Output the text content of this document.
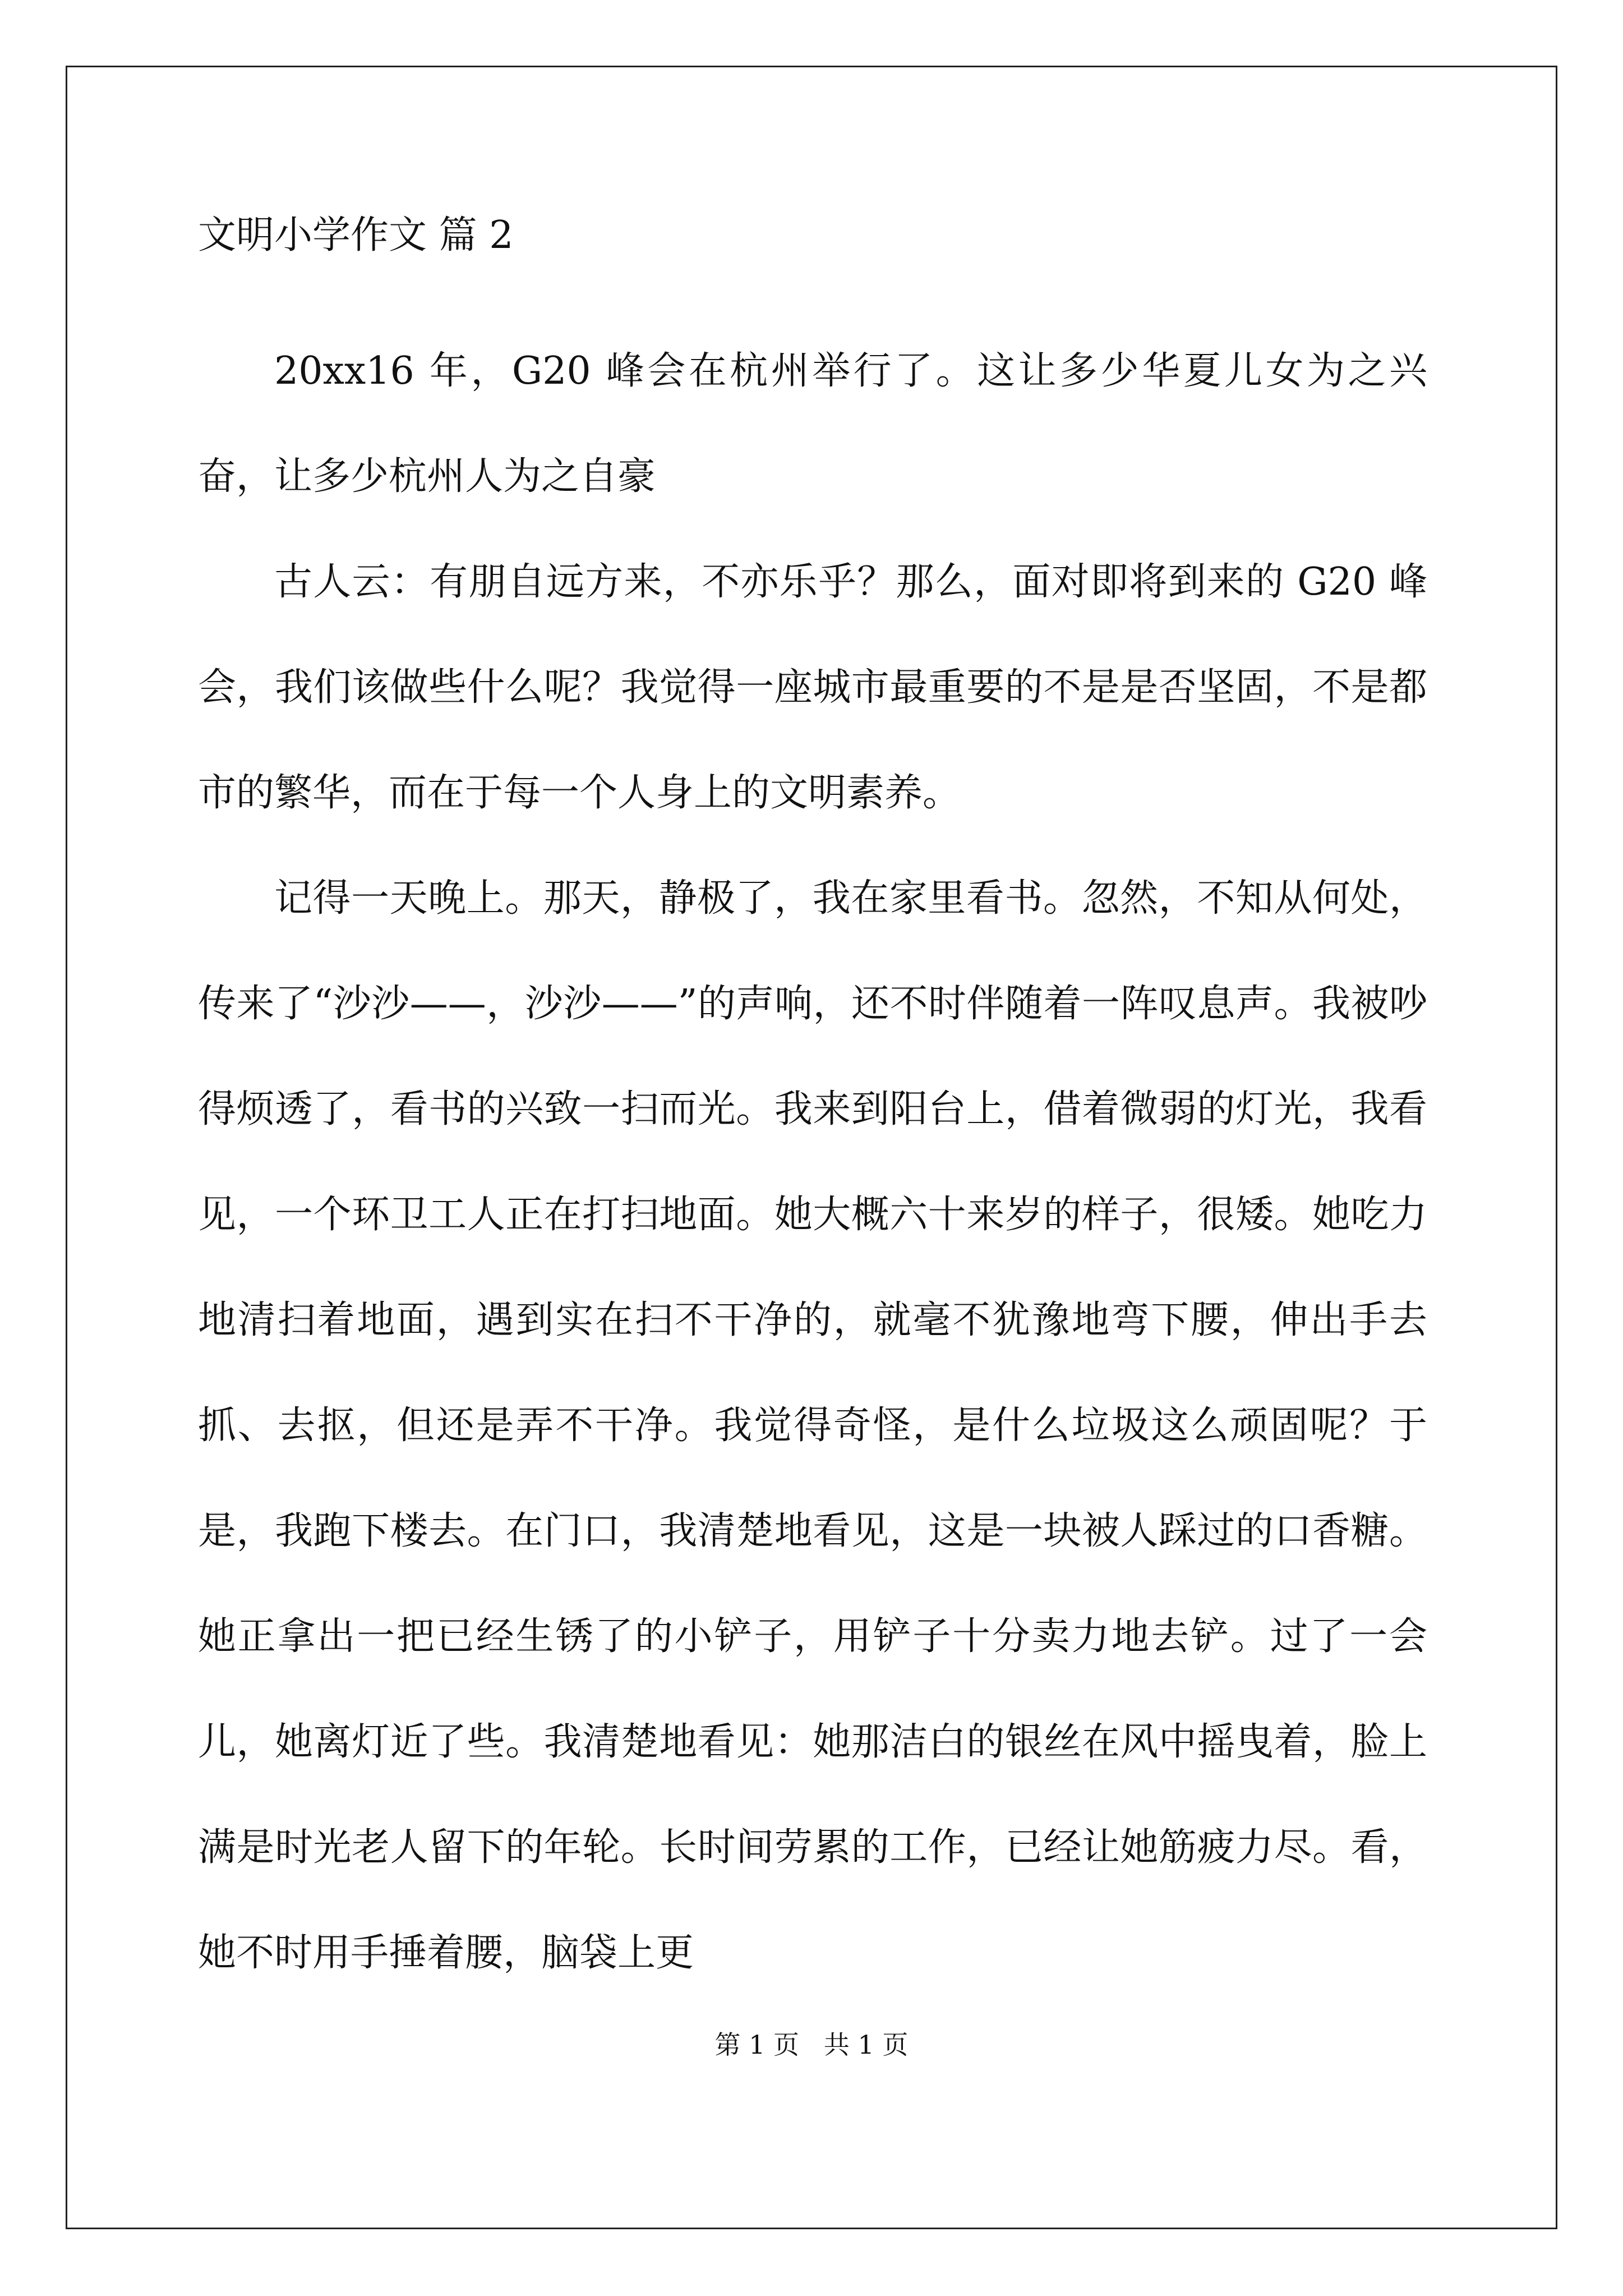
文明小学作文 篇 2

20xx16 年，G20 峰会在杭州举行了。这让多少华夏儿女为之兴奋，让多少杭州人为之自豪

古人云：有朋自远方来，不亦乐乎？那么，面对即将到来的 G20 峰会，我们该做些什么呢？我觉得一座城市最重要的不是是否坚固，不是都市的繁华，而在于每一个人身上的文明素养。

记得一天晚上。那天，静极了，我在家里看书。忽然，不知从何处，传来了“沙沙——，沙沙——”的声响，还不时伴随着一阵叹息声。我被吵得烦透了，看书的兴致一扫而光。我来到阳台上，借着微弱的灯光，我看见，一个环卫工人正在打扫地面。她大概六十来岁的样子，很矮。她吃力地清扫着地面，遇到实在扫不干净的，就毫不犹豫地弯下腰，伸出手去抓、去抠，但还是弄不干净。我觉得奇怪，是什么垃圾这么顽固呢？于是，我跑下楼去。在门口，我清楚地看见，这是一块被人踩过的口香糖。她正拿出一把已经生锈了的小铲子，用铲子十分卖力地去铲。过了一会儿，她离灯近了些。我清楚地看见：她那洁白的银丝在风中摇曳着，脸上满是时光老人留下的年轮。长时间劳累的工作，已经让她筋疲力尽。看，她不时用手捶着腰，脑袋上更

第 1 页   共 1 页
